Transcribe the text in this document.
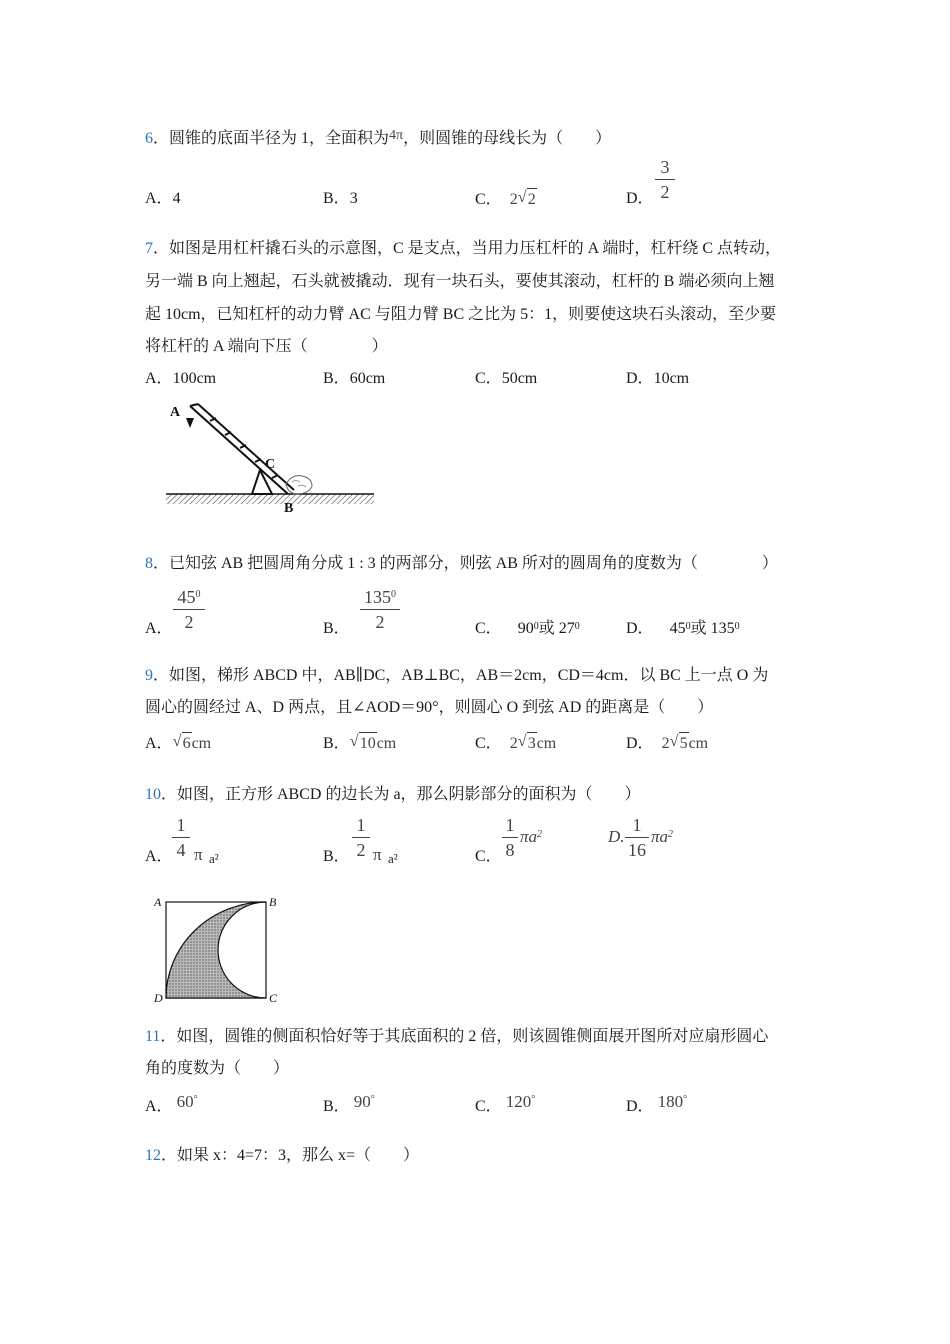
6．圆锥的底面半径为 1，全面积为4π，则圆锥的母线长为（　　）
A．4	B．3	C． 2 √ 2	D．
3
2
7．如图是用杠杆撬石头的示意图，C 是支点，当用力压杠杆的 A 端时，杠杆绕 C 点转动，
另一端 B 向上翘起，石头就被撬动．现有一块石头，要使其滚动，杠杆的 B 端必须向上翘
起 10cm，已知杠杆的动力臂 AC 与阻力臂 BC 之比为 5：1，则要使这块石头滚动，至少要
将杠杆的 A 端向下压（　　　　）
A．100cm	B．60cm	C．50cm	D．10cm
A
C
B
8．已知弦 AB 把圆周角分成 1 : 3 的两部分，则弦 AB 所对的圆周角的度数为（　　　　）
A．
$45^0$
2	B．
$135^0$
2	C． $90^0$或 $27^0$	D． $45^0$或 $135^0$
9．如图，梯形 ABCD 中，AB∥DC，AB⊥BC，AB＝2cm，CD＝4cm．以 BC 上一点 O 为
圆心的圆经过 A、D 两点，且∠AOD＝90°，则圆心 O 到弦 AD 的距离是（　　）
A． √ 6cm	B． √ 10cm	C． 2 √ 3cm	D． 2 √ 5cm
10．如图，正方形 ABCD 的边长为 a，那么阴影部分的面积为（　　）
A．
1
4 π a²	B．
1
2 π a²	C．
1
8
$\pi a^2$	D.
1
16
$\pi a^2$
A	B
C
D
11．如图，圆锥的侧面积恰好等于其底面积的 2 倍，则该圆锥侧面展开图所对应扇形圆心
角的度数为（　　）
A． 60°	B． 90°	C． 120°	D． 180°
12．如果 x：4=7：3，那么 x=（　　）
